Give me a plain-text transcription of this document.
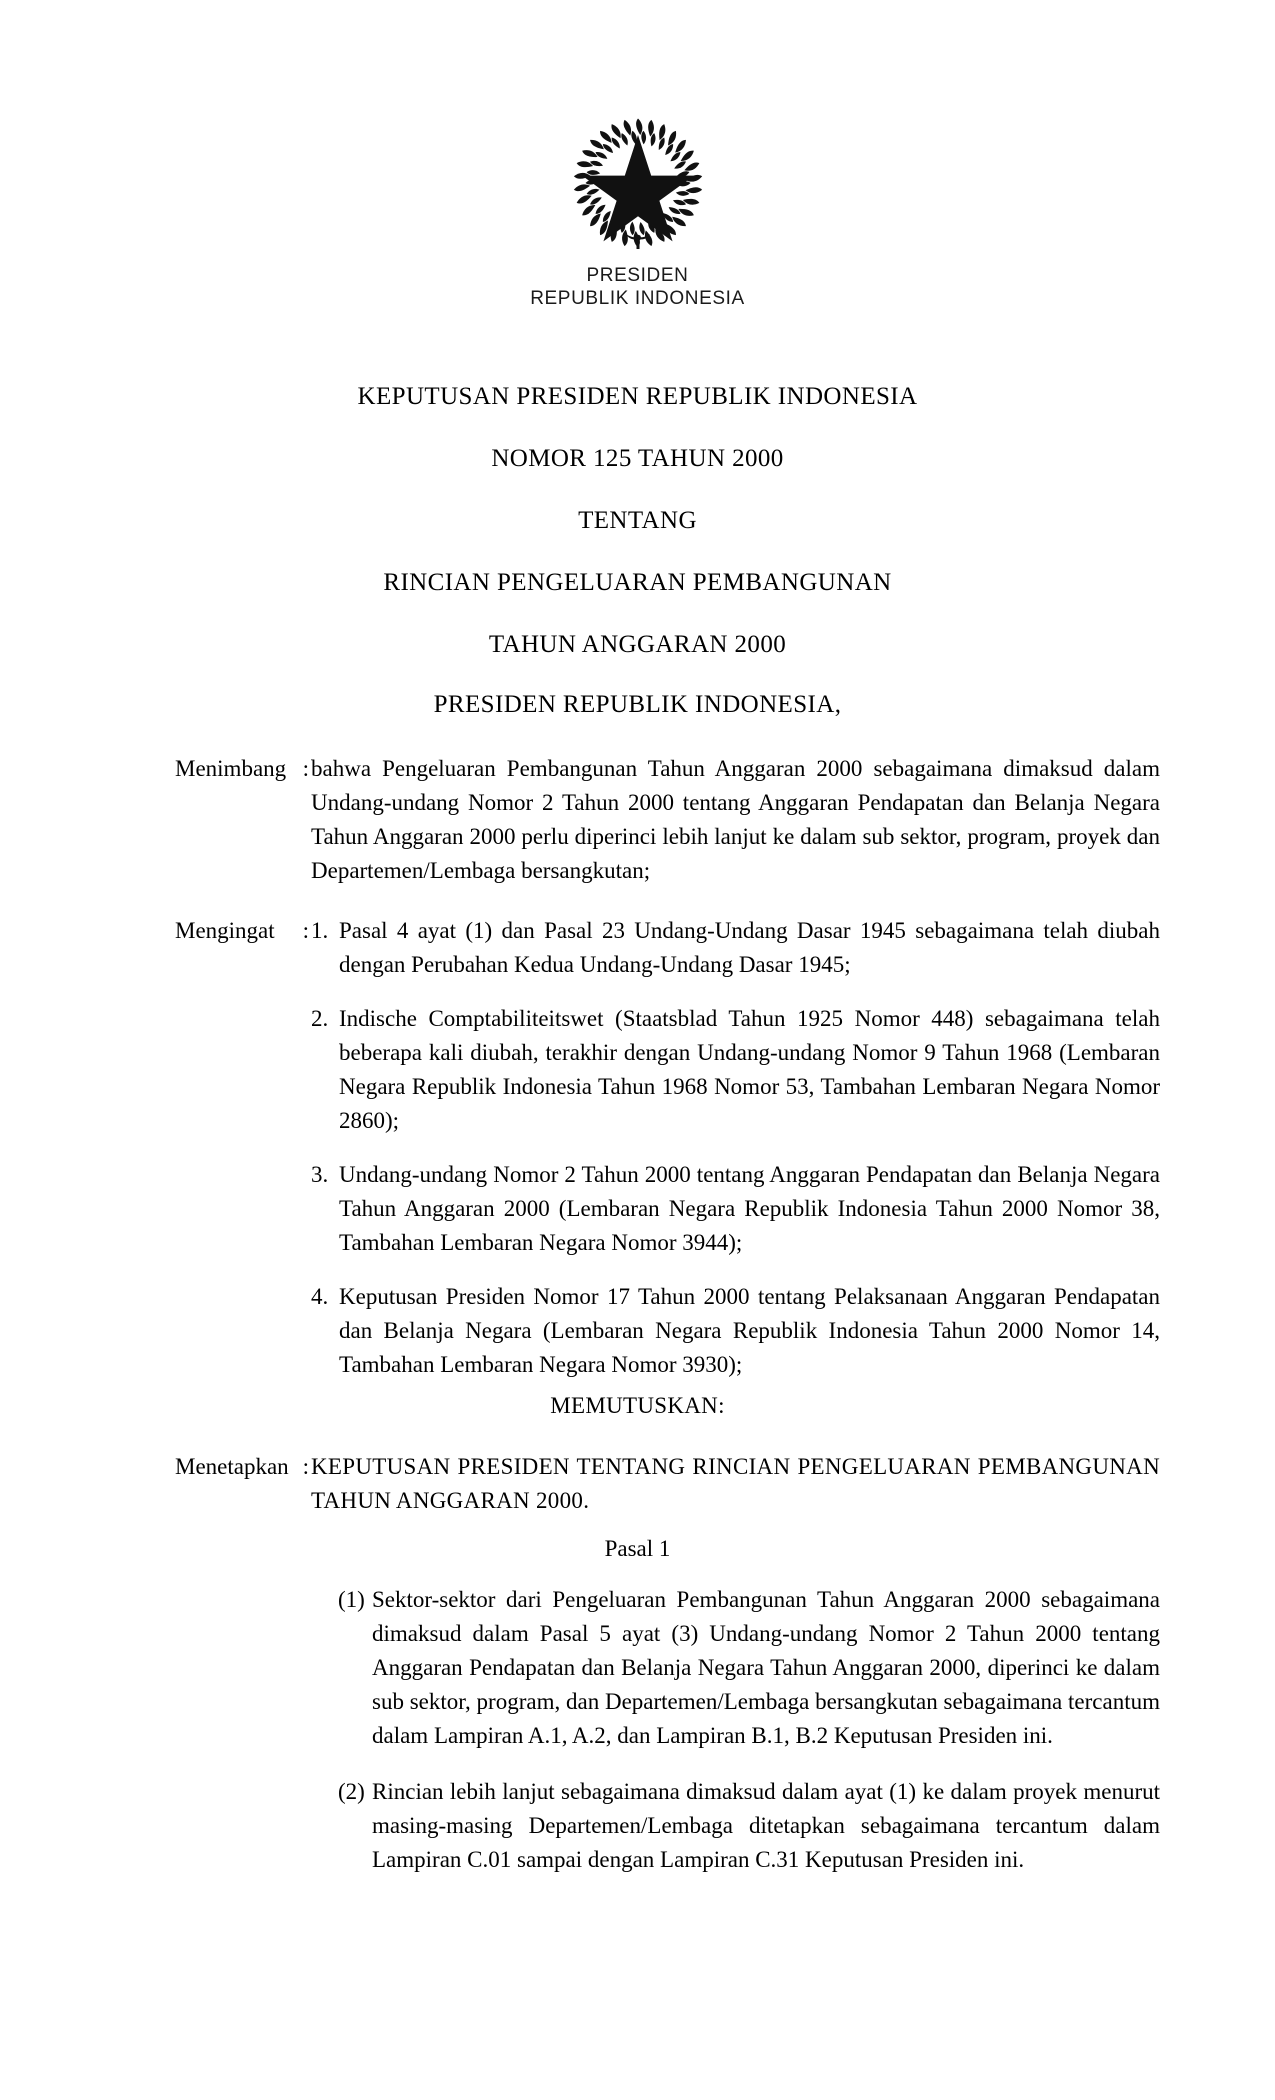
PRESIDEN
REPUBLIK INDONESIA
KEPUTUSAN PRESIDEN REPUBLIK INDONESIA
NOMOR 125 TAHUN 2000
TENTANG
RINCIAN PENGELUARAN PEMBANGUNAN
TAHUN ANGGARAN 2000
PRESIDEN REPUBLIK INDONESIA,
Menimbang : bahwa Pengeluaran Pembangunan Tahun Anggaran 2000 sebagaimana dimaksud dalam Undang-undang Nomor 2 Tahun 2000 tentang Anggaran Pendapatan dan Belanja Negara Tahun Anggaran 2000 perlu diperinci lebih lanjut ke dalam sub sektor, program, proyek dan Departemen/Lembaga bersangkutan;

Mengingat : 1. Pasal 4 ayat (1) dan Pasal 23 Undang-Undang Dasar 1945 sebagaimana telah diubah dengan Perubahan Kedua Undang-Undang Dasar 1945;
2. Indische Comptabiliteitswet (Staatsblad Tahun 1925 Nomor 448) sebagaimana telah beberapa kali diubah, terakhir dengan Undang-undang Nomor 9 Tahun 1968 (Lembaran Negara Republik Indonesia Tahun 1968 Nomor 53, Tambahan Lembaran Negara Nomor 2860);
3. Undang-undang Nomor 2 Tahun 2000 tentang Anggaran Pendapatan dan Belanja Negara Tahun Anggaran 2000 (Lembaran Negara Republik Indonesia Tahun 2000 Nomor 38, Tambahan Lembaran Negara Nomor 3944);
4. Keputusan Presiden Nomor 17 Tahun 2000 tentang Pelaksanaan Anggaran Pendapatan dan Belanja Negara (Lembaran Negara Republik Indonesia Tahun 2000 Nomor 14, Tambahan Lembaran Negara Nomor 3930);
MEMUTUSKAN:
Menetapkan : KEPUTUSAN PRESIDEN TENTANG RINCIAN PENGELUARAN PEMBANGUNAN TAHUN ANGGARAN 2000.

Pasal 1
(1) Sektor-sektor dari Pengeluaran Pembangunan Tahun Anggaran 2000 sebagaimana dimaksud dalam Pasal 5 ayat (3) Undang-undang Nomor 2 Tahun 2000 tentang Anggaran Pendapatan dan Belanja Negara Tahun Anggaran 2000, diperinci ke dalam sub sektor, program, dan Departemen/Lembaga bersangkutan sebagaimana tercantum dalam Lampiran A.1, A.2, dan Lampiran B.1, B.2 Keputusan Presiden ini.
(2) Rincian lebih lanjut sebagaimana dimaksud dalam ayat (1) ke dalam proyek menurut masing-masing Departemen/Lembaga ditetapkan sebagaimana tercantum dalam Lampiran C.01 sampai dengan Lampiran C.31 Keputusan Presiden ini.
